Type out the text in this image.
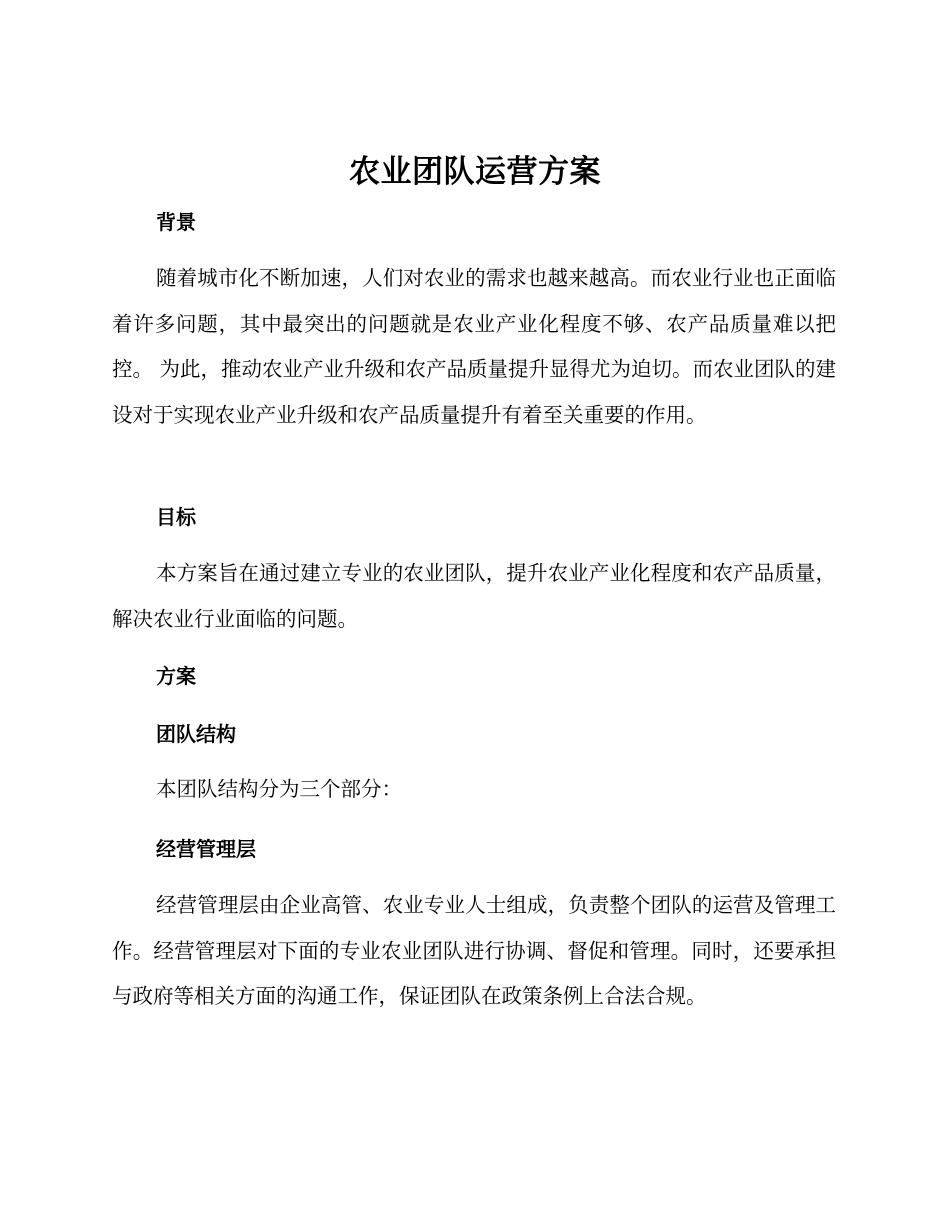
农业团队运营方案
背景
随着城市化不断加速，人们对农业的需求也越来越高。而农业行业也正面临着许多问题，其中最突出的问题就是农业产业化程度不够、农产品质量难以把控。 为此，推动农业产业升级和农产品质量提升显得尤为迫切。而农业团队的建设对于实现农业产业升级和农产品质量提升有着至关重要的作用。
目标
本方案旨在通过建立专业的农业团队，提升农业产业化程度和农产品质量，解决农业行业面临的问题。
方案
团队结构
本团队结构分为三个部分：
经营管理层
经营管理层由企业高管、农业专业人士组成，负责整个团队的运营及管理工作。经营管理层对下面的专业农业团队进行协调、督促和管理。同时，还要承担与政府等相关方面的沟通工作，保证团队在政策条例上合法合规。
